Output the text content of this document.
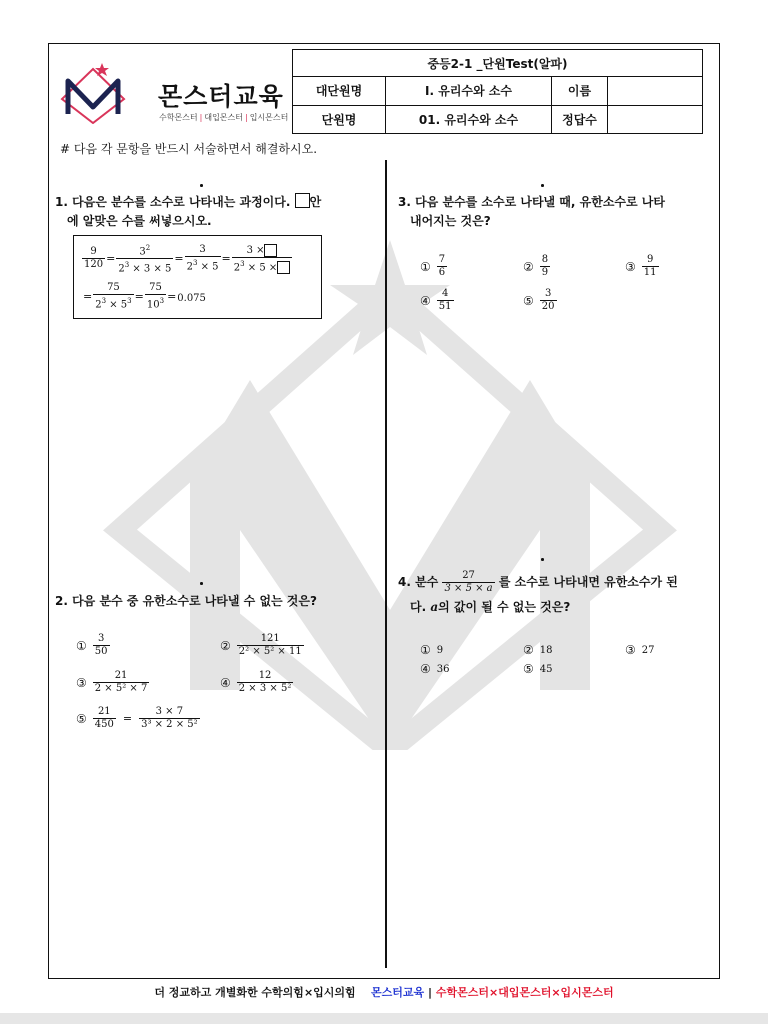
몬스터교육
수학몬스터 | 대입몬스터 | 입시몬스터
중등2-1 _단원Test(알파)			
대단원명	Ⅰ. 유리수와 소수	이름	
단원명	01. 유리수와 소수	정답수	
# 다음 각 문항을 반드시 서술하면서 해결하시오.
1. 다음은 분수를 소수로 나타내는 과정이다. 안
에 알맞은 수를 써넣으시오.
$\frac{9}{120} = \frac{3^2}{2^3 \times 3 \times 5} = \frac{3}{2^3 \times 5} = \frac{3 \times}{2^3 \times 5 \times}$
= $\frac{75}{2^3 \times 5^3} = \frac{75}{10^3} =0.075$
2. 다음 분수 중 유한소수로 나타낼 수 없는 것은?
① $\frac{3}{50}$	② $\frac{121}{\text{2² × 5² × 11}}$
③ $\frac{21}{\text{2 × 5² × 7}}$	④ $\frac{12}{\text{2 × 3 × 5²}}$
⑤ $\frac{21}{450} = \frac{3 \times 7}{\text{3³ × 2 × 5²}}$
3. 다음 분수를 소수로 나타낼 때, 유한소수로 나타
내어지는 것은?
① $\frac{7}{6}$	② $\frac{8}{9}$	③ $\frac{9}{11}$
④ $\frac{4}{51}$	⑤ $\frac{3}{20}$
4. 분수 $\frac{27}{3 \times 5 \times a}$ 를 소수로 나타내면 유한소수가 된
다. a의 값이 될 수 없는 것은?
① 9	② 18	③ 27
④ 36	⑤ 45
더 정교하고 개별화한 수학의힘×입시의힘 몬스터교육 | 수학몬스터×대입몬스터×입시몬스터
